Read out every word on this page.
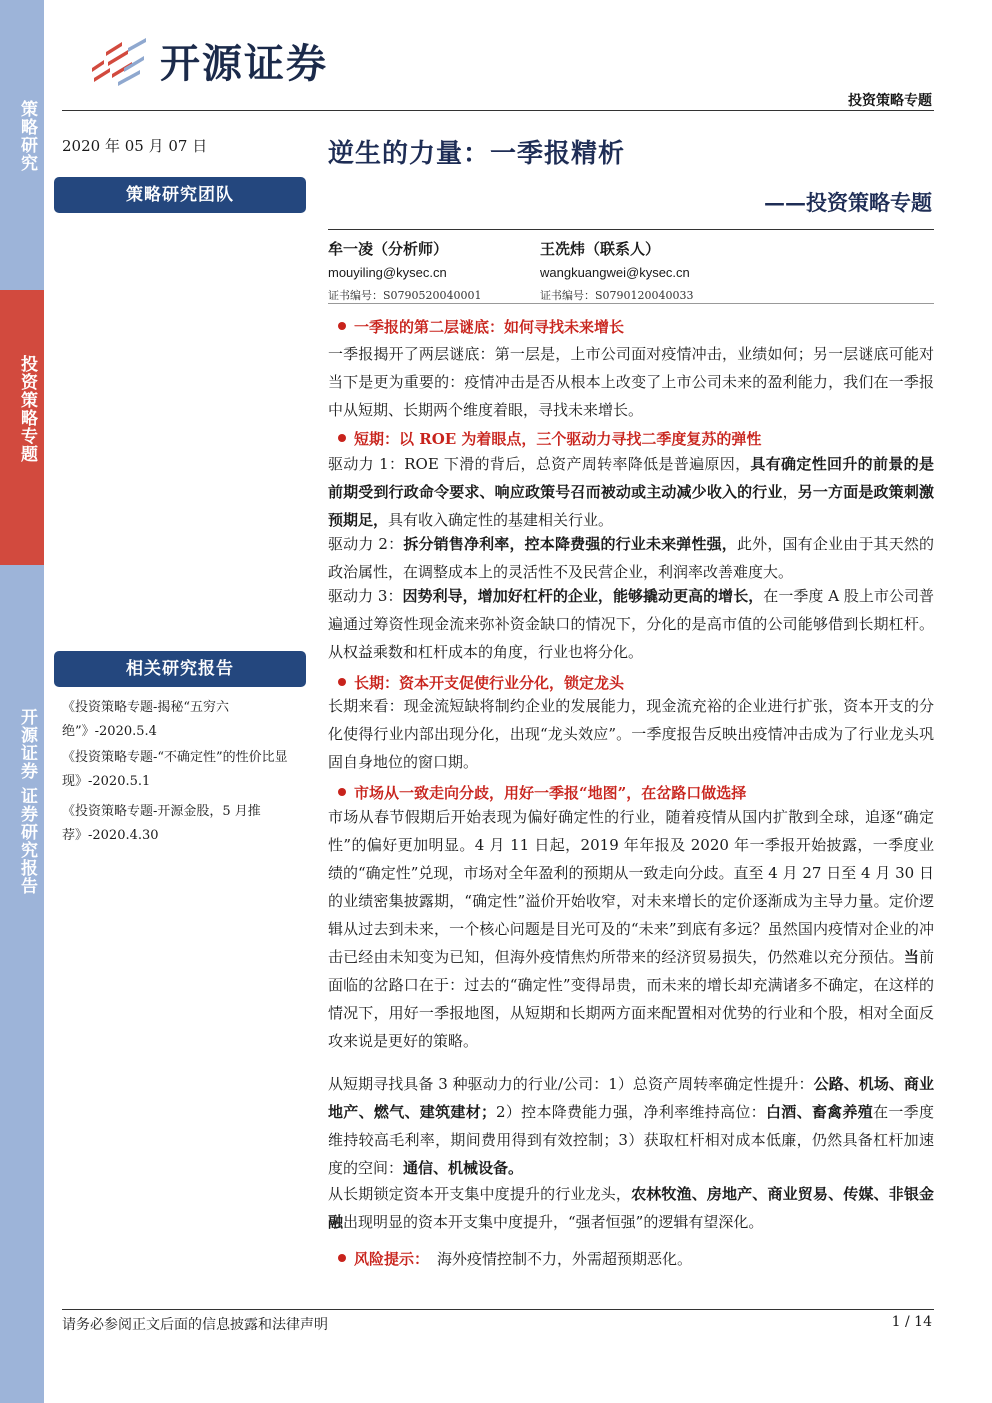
策略研究
投资策略专题
开源证券 证券研究报告
开源证券
投资策略专题
2020 年 05 月 07 日	逆生的力量：一季报精析
——投资策略专题
策略研究团队
牟一凌（分析师）
mouyiling@kysec.cn
证书编号：S0790520040001
王冼炜（联系人）
wangkuangwei@kysec.cn
证书编号：S0790120040033
一季报的第二层谜底：如何寻找未来增长

一季报揭开了两层谜底：第一层是，上市公司面对疫情冲击，业绩如何；另一层谜底可能对当下是更为重要的：疫情冲击是否从根本上改变了上市公司未来的盈利能力，我们在一季报中从短期、长期两个维度着眼，寻找未来增长。

短期：以 ROE 为着眼点，三个驱动力寻找二季度复苏的弹性

驱动力 1：ROE 下滑的背后，总资产周转率降低是普遍原因，具有确定性回升的前景的是前期受到行政命令要求、响应政策号召而被动或主动减少收入的行业，另一方面是政策刺激预期足，具有收入确定性的基建相关行业。

驱动力 2：拆分销售净利率，控本降费强的行业未来弹性强，此外，国有企业由于其天然的政治属性，在调整成本上的灵活性不及民营企业，利润率改善难度大。

驱动力 3：因势利导，增加好杠杆的企业，能够撬动更高的增长，在一季度 A 股上市公司普遍通过筹资性现金流来弥补资金缺口的情况下，分化的是高市值的公司能够借到长期杠杆。从权益乘数和杠杆成本的角度，行业也将分化。

长期：资本开支促使行业分化，锁定龙头

长期来看：现金流短缺将制约企业的发展能力，现金流充裕的企业进行扩张，资本开支的分化使得行业内部出现分化，出现“龙头效应”。一季度报告反映出疫情冲击成为了行业龙头巩固自身地位的窗口期。

市场从一致走向分歧，用好一季报“地图”，在岔路口做选择

市场从春节假期后开始表现为偏好确定性的行业，随着疫情从国内扩散到全球，追逐“确定性”的偏好更加明显。4 月 11 日起，2019 年年报及 2020 年一季报开始披露，一季度业绩的“确定性”兑现，市场对全年盈利的预期从一致走向分歧。直至 4 月 27 日至 4 月 30 日的业绩密集披露期，“确定性”溢价开始收窄，对未来增长的定价逐渐成为主导力量。定价逻辑从过去到未来，一个核心问题是目光可及的“未来”到底有多远？虽然国内疫情对企业的冲击已经由未知变为已知，但海外疫情焦灼所带来的经济贸易损失，仍然难以充分预估。当前面临的岔路口在于：过去的“确定性”变得昂贵，而未来的增长却充满诸多不确定，在这样的情况下，用好一季报地图，从短期和长期两方面来配置相对优势的行业和个股，相对全面反攻来说是更好的策略。

从短期寻找具备 3 种驱动力的行业/公司：1）总资产周转率确定性提升：公路、机场、商业地产、燃气、建筑建材；2）控本降费能力强，净利率维持高位：白酒、畜禽养殖在一季度维持较高毛利率，期间费用得到有效控制；3）获取杠杆相对成本低廉，仍然具备杠杆加速度的空间：通信、机械设备。

从长期锁定资本开支集中度提升的行业龙头，农林牧渔、房地产、商业贸易、传媒、非银金融出现明显的资本开支集中度提升，“强者恒强”的逻辑有望深化。

风险提示： 海外疫情控制不力，外需超预期恶化。
相关研究报告
《投资策略专题-揭秘“五穷六绝”》-2020.5.4
《投资策略专题-“不确定性”的性价比显现》-2020.5.1
《投资策略专题-开源金股，5 月推荐》-2020.4.30
请务必参阅正文后面的信息披露和法律声明	1 / 14
